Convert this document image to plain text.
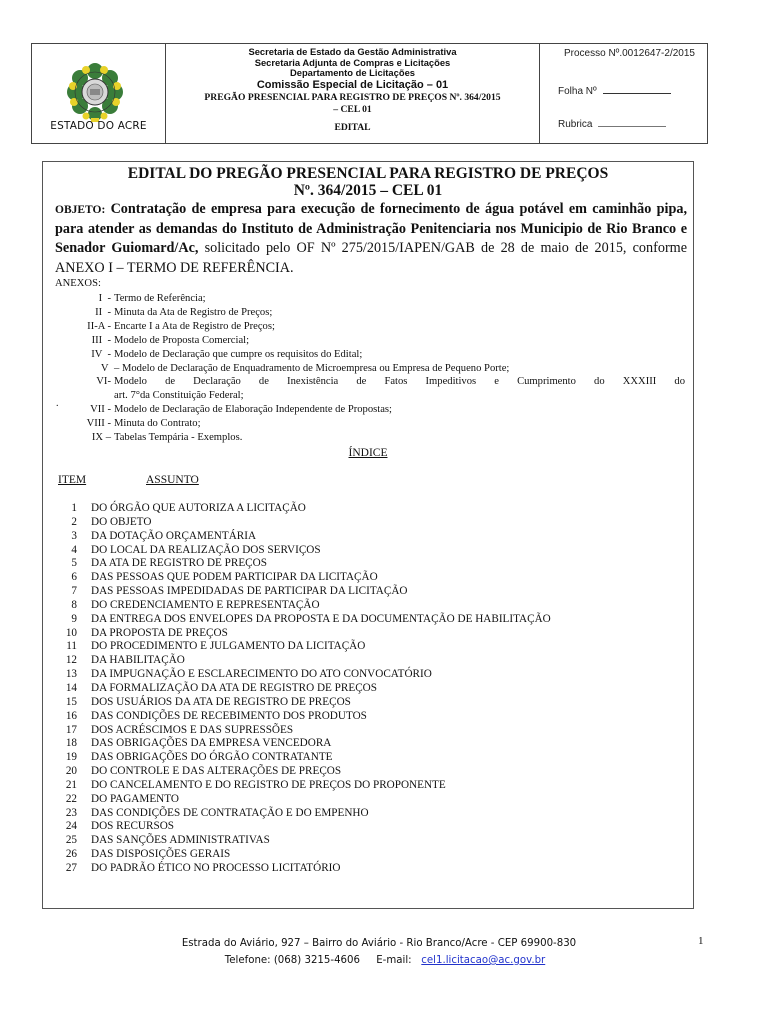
ESTADO DO ACRE
Secretaria de Estado da Gestão Administrativa
Secretaria Adjunta de Compras e Licitações
Departamento de Licitações
Comissão Especial de Licitação – 01
PREGÃO PRESENCIAL PARA REGISTRO DE PREÇOS Nº. 364/2015
– CEL 01
EDITAL
Processo Nº.0012647-2/2015
Folha Nº
Rubrica
EDITAL DO PREGÃO PRESENCIAL PARA REGISTRO DE PREÇOS
Nº. 364/2015 – CEL 01
OBJETO: Contratação de empresa para execução de fornecimento de água potável em caminhão pipa, para atender as demandas do Instituto de Administração Penitenciaria nos Municipio de Rio Branco e Senador Guiomard/Ac, solicitado pelo OF Nº 275/2015/IAPEN/GAB de 28 de maio de 2015, conforme ANEXO I – TERMO DE REFERÊNCIA.
ANEXOS:
I  - Termo de Referência;
II  - Minuta da Ata de Registro de Preços;
II-A - Encarte I a Ata de Registro de Preços;
III  - Modelo de Proposta Comercial;
IV  - Modelo de Declaração que cumpre os requisitos do Edital;
V – Modelo de Declaração de Enquadramento de Microempresa ou Empresa de Pequeno Porte;
VI- Modelo de Declaração de Inexistência de Fatos Impeditivos e Cumprimento do XXXIII do
art. 7°da Constituição Federal;
VII - Modelo de Declaração de Elaboração Independente de Propostas;
VIII - Minuta do Contrato;
IX – Tabelas Tempária - Exemplos.
.
ÍNDICE
ITEM	ASSUNTO
1	DO ÓRGÃO QUE AUTORIZA A LICITAÇÃO
2	DO OBJETO
3	DA DOTAÇÃO ORÇAMENTÁRIA
4	DO LOCAL DA REALIZAÇÃO DOS SERVIÇOS
5	DA ATA DE REGISTRO DE PREÇOS
6	DAS PESSOAS QUE PODEM PARTICIPAR DA LICITAÇÃO
7	DAS PESSOAS IMPEDIDADAS DE PARTICIPAR DA LICITAÇÃO
8	DO CREDENCIAMENTO E REPRESENTAÇÃO
9	DA ENTREGA DOS ENVELOPES DA PROPOSTA E DA DOCUMENTAÇÃO DE HABILITAÇÃO
10	DA PROPOSTA DE PREÇOS
11	DO PROCEDIMENTO E JULGAMENTO DA LICITAÇÃO
12	DA HABILITAÇÃO
13	DA IMPUGNAÇÃO E ESCLARECIMENTO DO ATO CONVOCATÓRIO
14	DA FORMALIZAÇÃO DA ATA DE REGISTRO DE PREÇOS
15	DOS USUÁRIOS DA ATA DE REGISTRO DE PREÇOS
16	DAS CONDIÇÕES DE RECEBIMENTO DOS PRODUTOS
17	DOS ACRÉSCIMOS E DAS SUPRESSÕES
18	DAS OBRIGAÇÕES DA EMPRESA VENCEDORA
19	DAS OBRIGAÇÕES DO ÓRGÃO CONTRATANTE
20	DO CONTROLE E DAS ALTERAÇÕES DE PREÇOS
21	DO CANCELAMENTO E DO REGISTRO DE PREÇOS DO PROPONENTE
22	DO PAGAMENTO
23	DAS CONDIÇÕES DE CONTRATAÇÃO E DO EMPENHO
24	DOS RECURSOS
25	DAS SANÇÕES ADMINISTRATIVAS
26	DAS DISPOSIÇÕES GERAIS
27	DO PADRÃO ÉTICO NO PROCESSO LICITATÓRIO
Estrada do Aviário, 927 – Bairro do Aviário - Rio Branco/Acre - CEP 69900-830
Telefone: (068) 3215-4606 E-mail: cel1.licitacao@ac.gov.br
1
